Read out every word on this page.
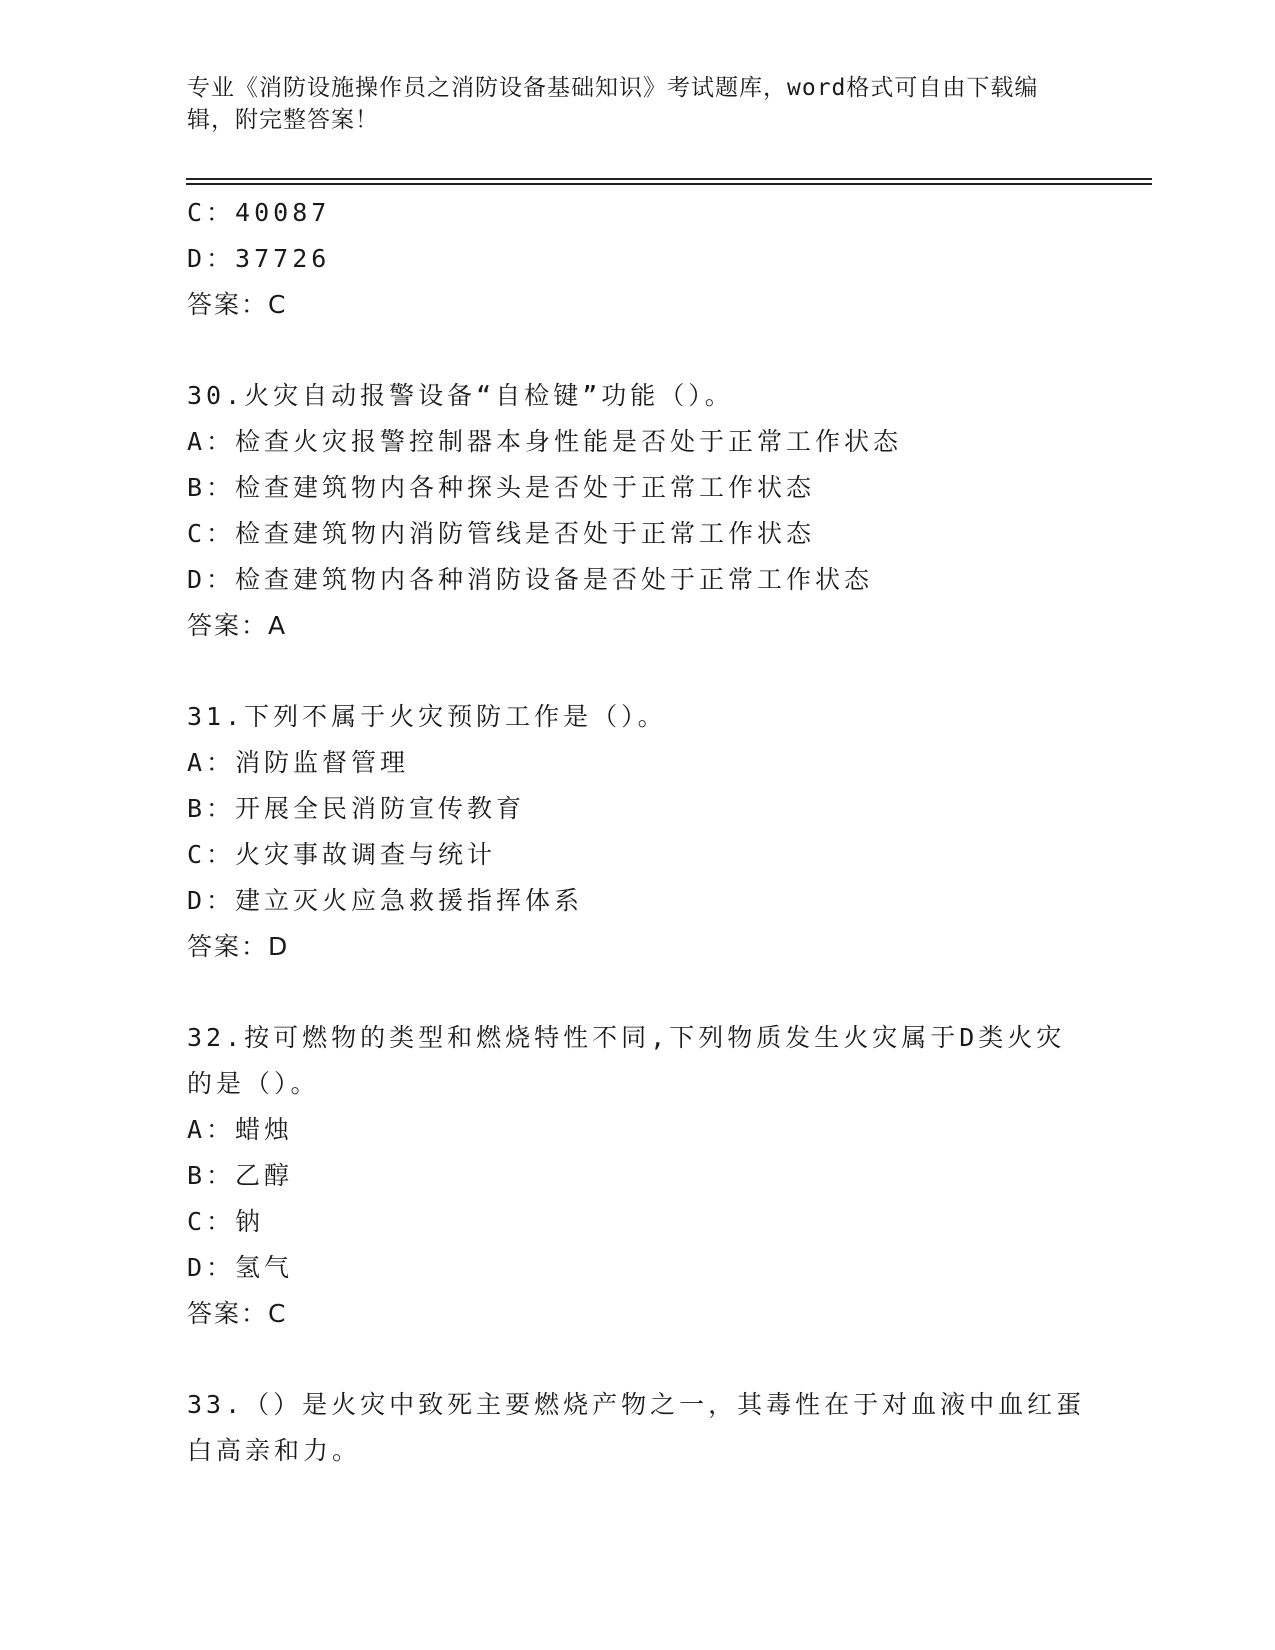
专业《消防设施操作员之消防设备基础知识》考试题库，word格式可自由下载编
辑，附完整答案！
C：40087
D：37726
答案：C
30.火灾自动报警设备“自检键”功能（）。
A：检查火灾报警控制器本身性能是否处于正常工作状态
B：检查建筑物内各种探头是否处于正常工作状态
C：检查建筑物内消防管线是否处于正常工作状态
D：检查建筑物内各种消防设备是否处于正常工作状态
答案：A
31.下列不属于火灾预防工作是（）。
A：消防监督管理
B：开展全民消防宣传教育
C：火灾事故调查与统计
D：建立灭火应急救援指挥体系
答案：D
32.按可燃物的类型和燃烧特性不同,下列物质发生火灾属于D类火灾
的是（）。
A：蜡烛
B：乙醇
C：钠
D：氢气
答案：C
33.（）是火灾中致死主要燃烧产物之一，其毒性在于对血液中血红蛋
白高亲和力。
